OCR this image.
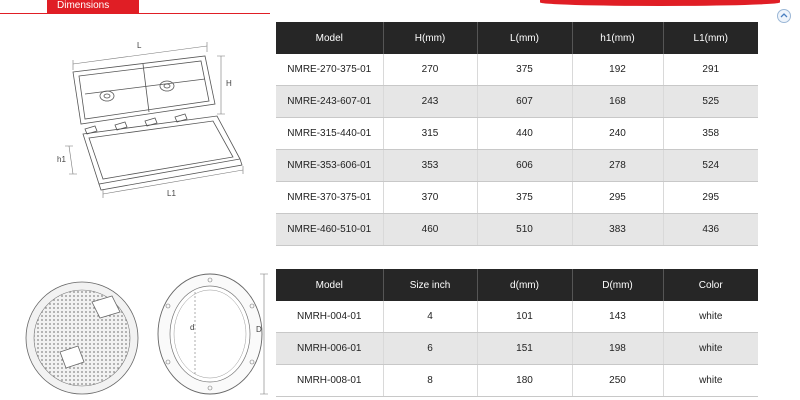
Dimensions
L
H
h1
L1
d	D
Model	H(mm)	L(mm)	h1(mm)	L1(mm)
NMRE-270-375-01	270	375	192	291
NMRE-243-607-01	243	607	168	525
NMRE-315-440-01	315	440	240	358
NMRE-353-606-01	353	606	278	524
NMRE-370-375-01	370	375	295	295
NMRE-460-510-01	460	510	383	436
Model	Size inch	d(mm)	D(mm)	Color
NMRH-004-01	4	101	143	white
NMRH-006-01	6	151	198	white
NMRH-008-01	8	180	250	white
